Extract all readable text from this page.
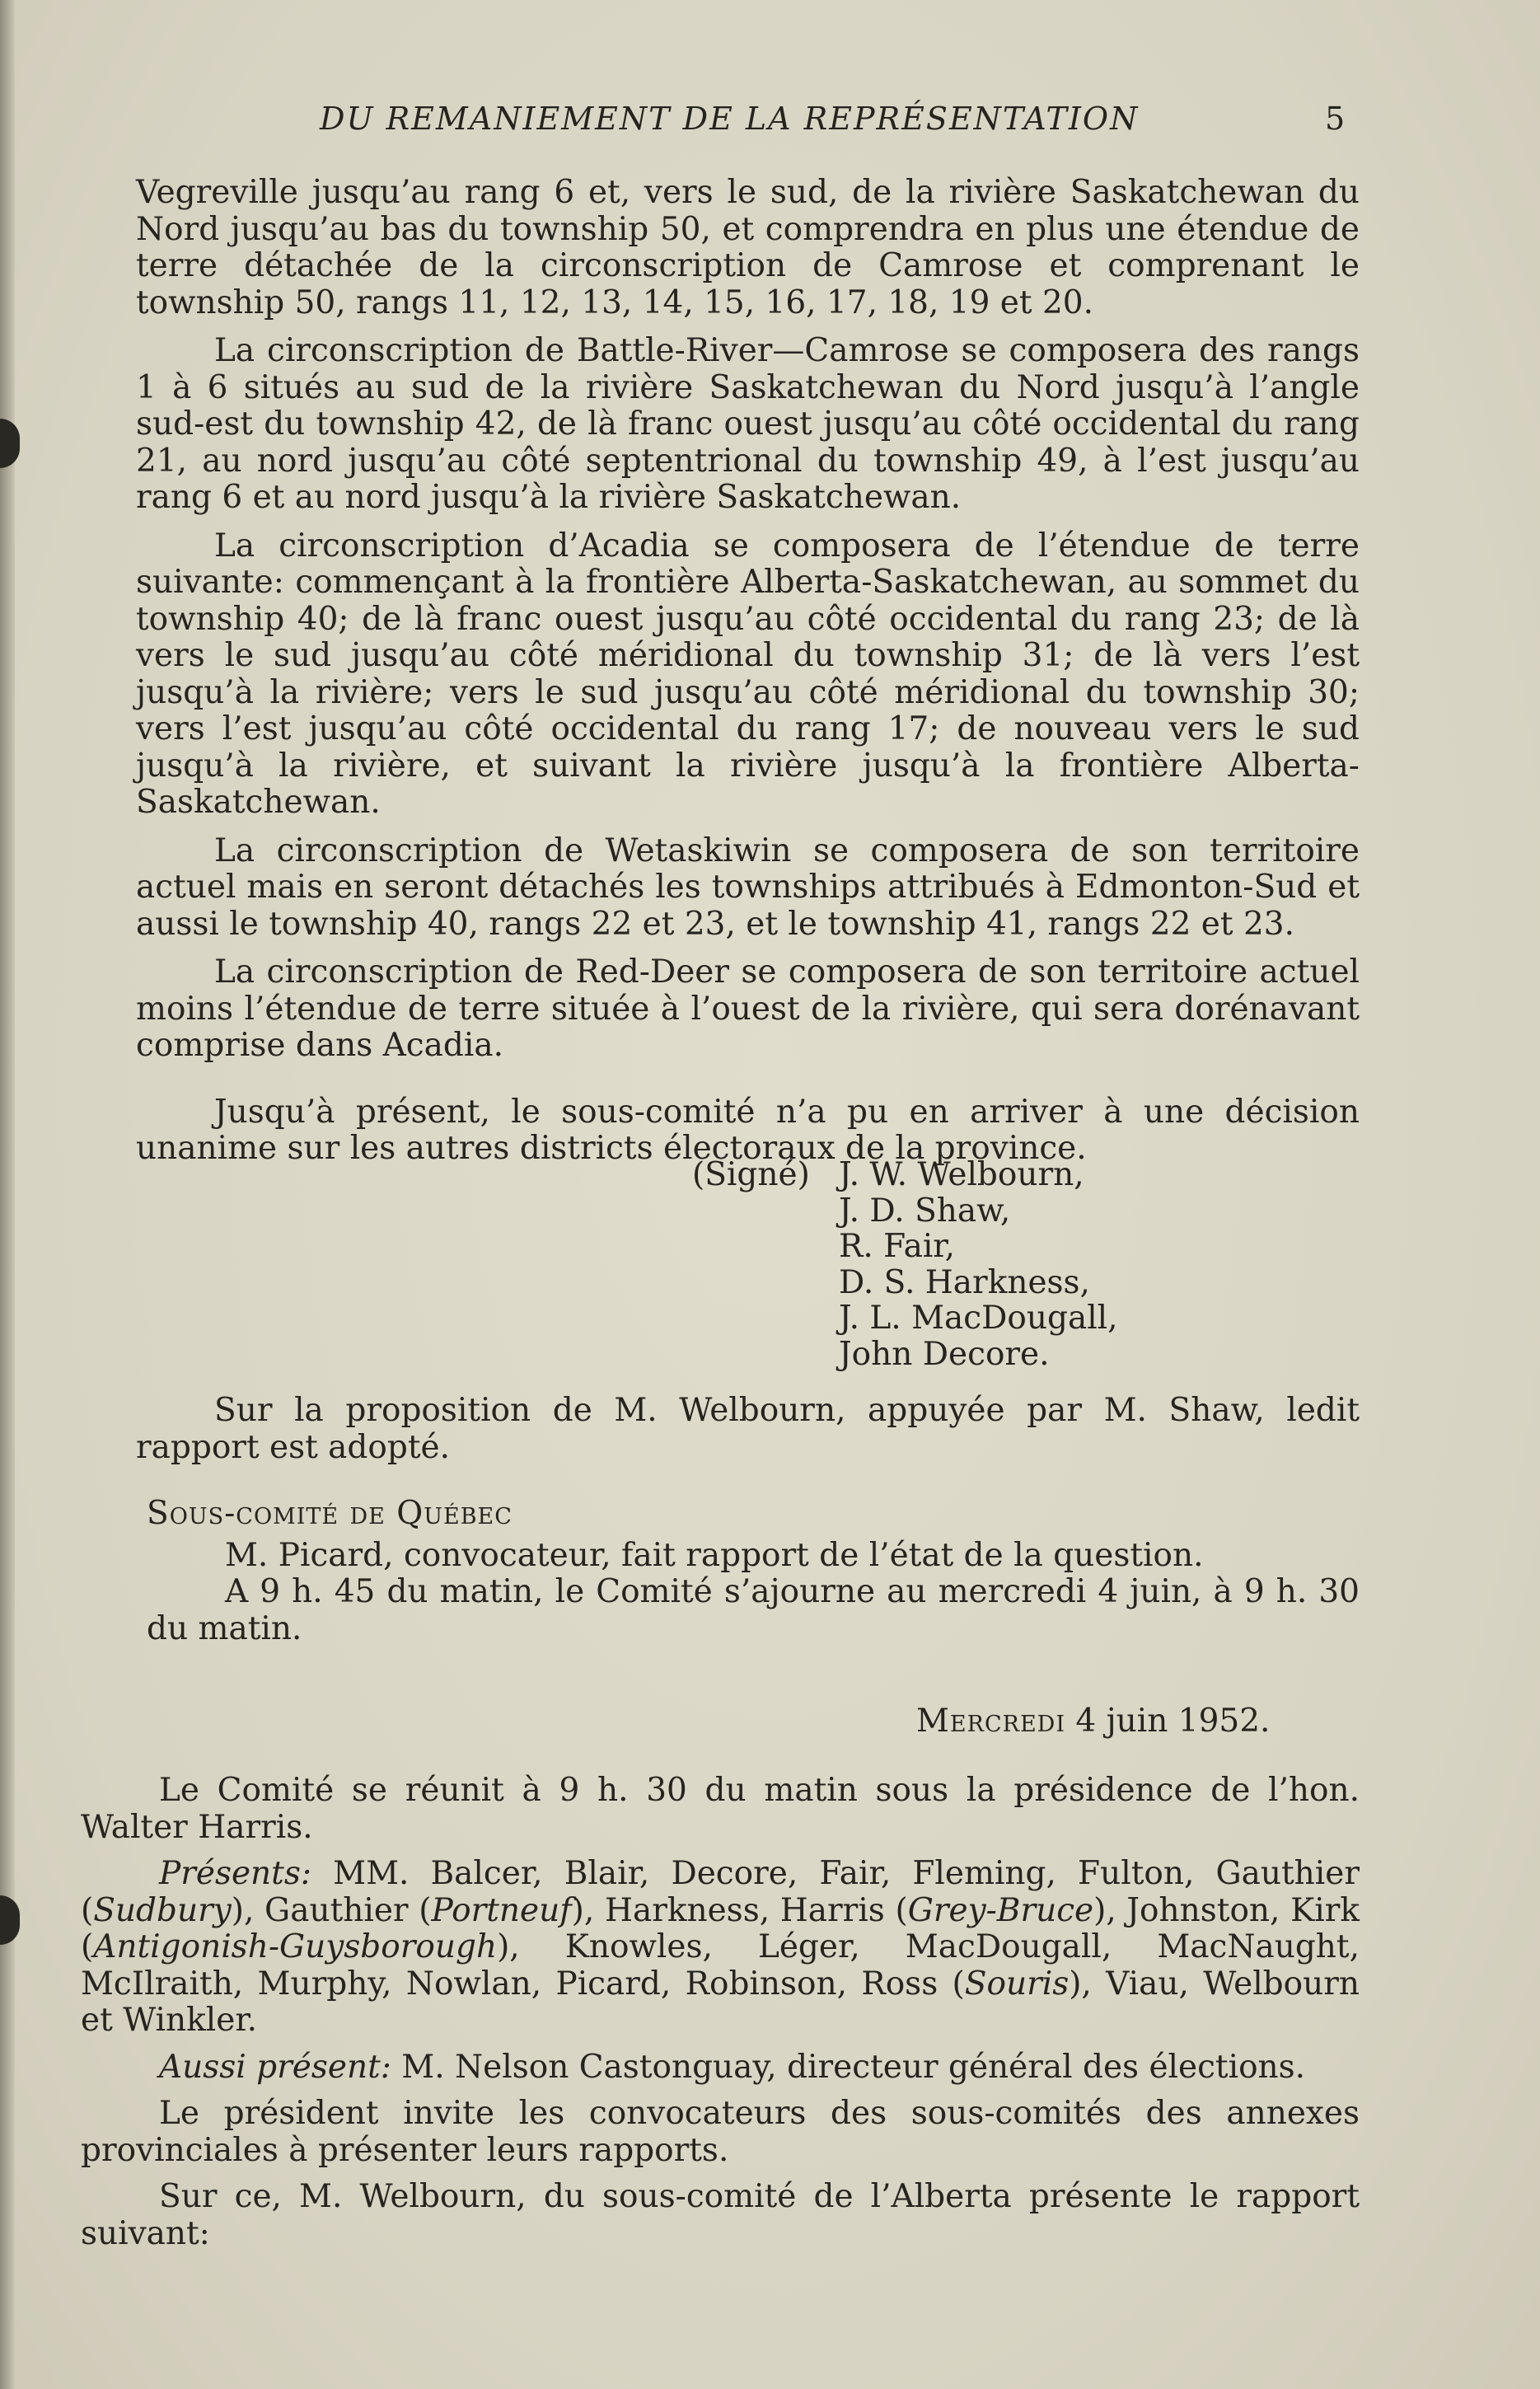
DU REMANIEMENT DE LA REPRÉSENTATION	5

Vegreville jusqu’au rang 6 et, vers le sud, de la rivière Saskatchewan du Nord jusqu’au bas du township 50, et comprendra en plus une étendue de terre détachée de la circonscription de Camrose et comprenant le township 50, rangs 11, 12, 13, 14, 15, 16, 17, 18, 19 et 20.

La circonscription de Battle-River—Camrose se composera des rangs 1 à 6 situés au sud de la rivière Saskatchewan du Nord jusqu’à l’angle sud-est du township 42, de là franc ouest jusqu’au côté occidental du rang 21, au nord jusqu’au côté septentrional du township 49, à l’est jusqu’au rang 6 et au nord jusqu’à la rivière Saskatchewan.

La circonscription d’Acadia se composera de l’étendue de terre suivante: commençant à la frontière Alberta-Saskatchewan, au sommet du township 40; de là franc ouest jusqu’au côté occidental du rang 23; de là vers le sud jusqu’au côté méridional du township 31; de là vers l’est jusqu’à la rivière; vers le sud jusqu’au côté méridional du township 30; vers l’est jusqu’au côté occidental du rang 17; de nouveau vers le sud jusqu’à la rivière, et suivant la rivière jusqu’à la frontière Alberta-Saskatchewan.

La circonscription de Wetaskiwin se composera de son territoire actuel mais en seront détachés les townships attribués à Edmonton-Sud et aussi le township 40, rangs 22 et 23, et le township 41, rangs 22 et 23.

La circonscription de Red-Deer se composera de son territoire actuel moins l’étendue de terre située à l’ouest de la rivière, qui sera dorénavant comprise dans Acadia.

Jusqu’à présent, le sous-comité n’a pu en arriver à une décision unanime sur les autres districts électoraux de la province.

(Signé) J. W. Welbourn,
J. D. Shaw,
R. Fair,
D. S. Harkness,
J. L. MacDougall,
John Decore.

Sur la proposition de M. Welbourn, appuyée par M. Shaw, ledit rapport est adopté.

Sous-comité de Québec

M. Picard, convocateur, fait rapport de l’état de la question.

A 9 h. 45 du matin, le Comité s’ajourne au mercredi 4 juin, à 9 h. 30 du matin.

Mercredi 4 juin 1952.

Le Comité se réunit à 9 h. 30 du matin sous la présidence de l’hon. Walter Harris.

Présents: MM. Balcer, Blair, Decore, Fair, Fleming, Fulton, Gauthier (Sudbury), Gauthier (Portneuf), Harkness, Harris (Grey-Bruce), Johnston, Kirk (Antigonish-Guysborough), Knowles, Léger, MacDougall, MacNaught, McIlraith, Murphy, Nowlan, Picard, Robinson, Ross (Souris), Viau, Welbourn et Winkler.

Aussi présent: M. Nelson Castonguay, directeur général des élections.

Le président invite les convocateurs des sous-comités des annexes provinciales à présenter leurs rapports.

Sur ce, M. Welbourn, du sous-comité de l’Alberta présente le rapport suivant:
